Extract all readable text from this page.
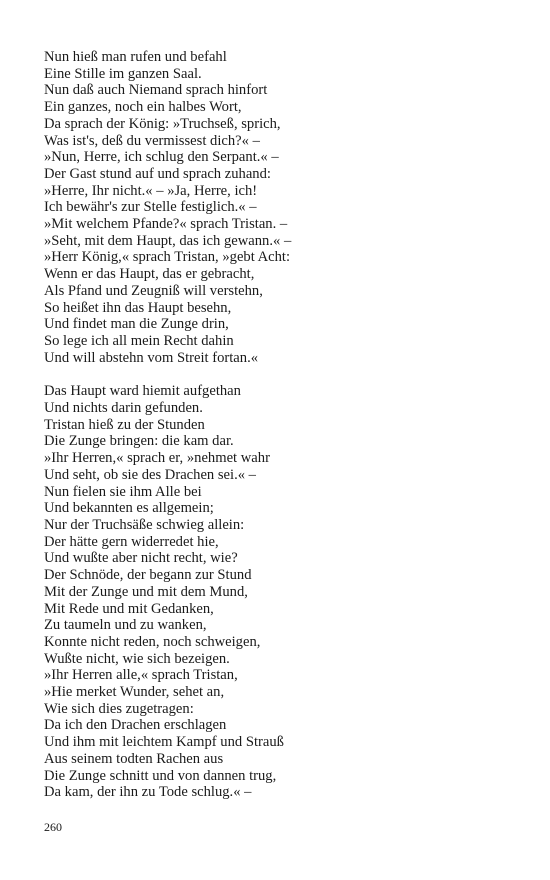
Nun hieß man rufen und befahl
Eine Stille im ganzen Saal.
Nun daß auch Niemand sprach hinfort
Ein ganzes, noch ein halbes Wort,
Da sprach der König: »Truchseß, sprich,
Was ist's, deß du vermissest dich?« –
»Nun, Herre, ich schlug den Serpant.« –
Der Gast stund auf und sprach zuhand:
»Herre, Ihr nicht.« – »Ja, Herre, ich!
Ich bewähr's zur Stelle festiglich.« –
»Mit welchem Pfande?« sprach Tristan. –
»Seht, mit dem Haupt, das ich gewann.« –
»Herr König,« sprach Tristan, »gebt Acht:
Wenn er das Haupt, das er gebracht,
Als Pfand und Zeugniß will verstehn,
So heißet ihn das Haupt besehn,
Und findet man die Zunge drin,
So lege ich all mein Recht dahin
Und will abstehn vom Streit fortan.«
Das Haupt ward hiemit aufgethan
Und nichts darin gefunden.
Tristan hieß zu der Stunden
Die Zunge bringen: die kam dar.
»Ihr Herren,« sprach er, »nehmet wahr
Und seht, ob sie des Drachen sei.« –
Nun fielen sie ihm Alle bei
Und bekannten es allgemein;
Nur der Truchsäße schwieg allein:
Der hätte gern widerredet hie,
Und wußte aber nicht recht, wie?
Der Schnöde, der begann zur Stund
Mit der Zunge und mit dem Mund,
Mit Rede und mit Gedanken,
Zu taumeln und zu wanken,
Konnte nicht reden, noch schweigen,
Wußte nicht, wie sich bezeigen.
»Ihr Herren alle,« sprach Tristan,
»Hie merket Wunder, sehet an,
Wie sich dies zugetragen:
Da ich den Drachen erschlagen
Und ihm mit leichtem Kampf und Strauß
Aus seinem todten Rachen aus
Die Zunge schnitt und von dannen trug,
Da kam, der ihn zu Tode schlug.« –
260
